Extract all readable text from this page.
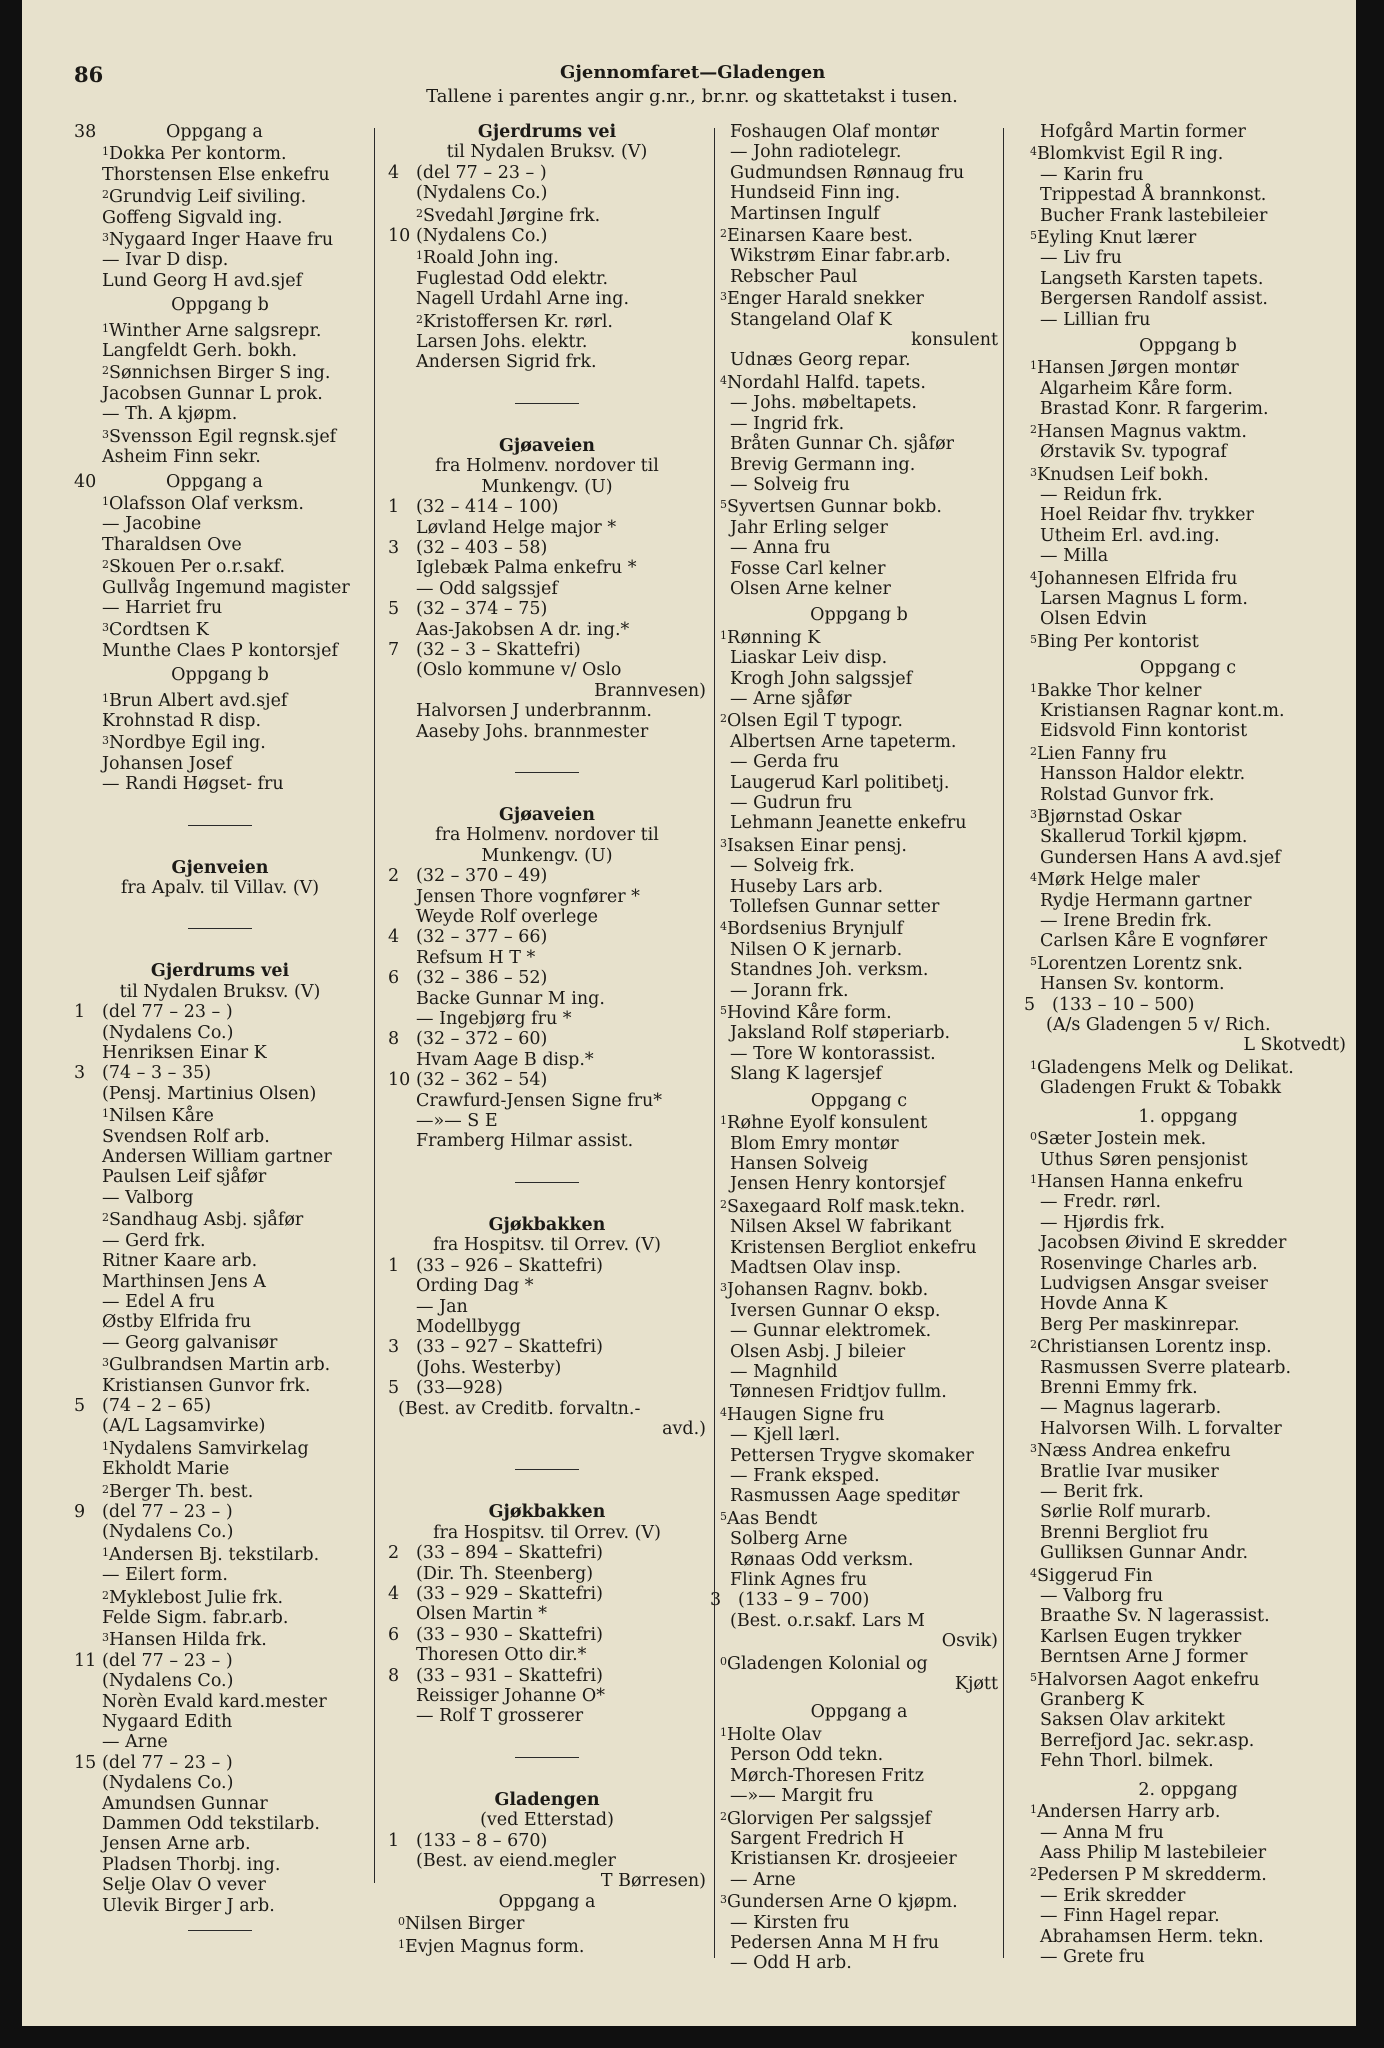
86	Gjennomfaret—Gladengen
Tallene i parentes angir g.nr., br.nr. og skattetakst i tusen.
38	Oppgang a
$^1$Dokka Per kontorm.
Thorstensen Else enkefru
$^2$Grundvig Leif siviling.
Goffeng Sigvald ing.
$^3$Nygaard Inger Haave fru
— Ivar D disp.
Lund Georg H avd.sjef
Oppgang b
$^1$Winther Arne salgsrepr.
Langfeldt Gerh. bokh.
$^2$Sønnichsen Birger S ing.
Jacobsen Gunnar L prok.
— Th. A kjøpm.
$^3$Svensson Egil regnsk.sjef
Asheim Finn sekr.
40	Oppgang a
$^1$Olafsson Olaf verksm.
— Jacobine
Tharaldsen Ove
$^2$Skouen Per o.r.sakf.
Gullvåg Ingemund magister
— Harriet fru
$^3$Cordtsen K
Munthe Claes P kontorsjef
Oppgang b
$^1$Brun Albert avd.sjef
Krohnstad R disp.
$^3$Nordbye Egil ing.
Johansen Josef
— Randi Høgset- fru
Gjenveien
fra Apalv. til Villav. (V)
Gjerdrums vei
til Nydalen Bruksv. (V)
1 (del 77 – 23 – )
(Nydalens Co.)
Henriksen Einar K
3 (74 – 3 – 35)
(Pensj. Martinius Olsen)
$^1$Nilsen Kåre
Svendsen Rolf arb.
Andersen William gartner
Paulsen Leif sjåfør
— Valborg
$^2$Sandhaug Asbj. sjåfør
— Gerd frk.
Ritner Kaare arb.
Marthinsen Jens A
— Edel A fru
Østby Elfrida fru
— Georg galvanisør
$^3$Gulbrandsen Martin arb.
Kristiansen Gunvor frk.
5 (74 – 2 – 65)
(A/L Lagsamvirke)
$^1$Nydalens Samvirkelag
Ekholdt Marie
$^2$Berger Th. best.
9 (del 77 – 23 – )
(Nydalens Co.)
$^1$Andersen Bj. tekstilarb.
— Eilert form.
$^2$Myklebost Julie frk.
Felde Sigm. fabr.arb.
$^3$Hansen Hilda frk.
11 (del 77 – 23 – )
(Nydalens Co.)
Norèn Evald kard.mester
Nygaard Edith
— Arne
15 (del 77 – 23 – )
(Nydalens Co.)
Amundsen Gunnar
Dammen Odd tekstilarb.
Jensen Arne arb.
Pladsen Thorbj. ing.
Selje Olav O vever
Ulevik Birger J arb.
Gjerdrums vei
til Nydalen Bruksv. (V)
4 (del 77 – 23 – )
(Nydalens Co.)
$^2$Svedahl Jørgine frk.
10 (Nydalens Co.)
$^1$Roald John ing.
Fuglestad Odd elektr.
Nagell Urdahl Arne ing.
$^2$Kristoffersen Kr. rørl.
Larsen Johs. elektr.
Andersen Sigrid frk.
Gjøaveien
fra Holmenv. nordover til
Munkengv. (U)
1 (32 – 414 – 100)
Løvland Helge major *
3 (32 – 403 – 58)
Iglebæk Palma enkefru *
— Odd salgssjef
5 (32 – 374 – 75)
Aas-Jakobsen A dr. ing.*
7 (32 – 3 – Skattefri)
(Oslo kommune v/ Oslo
Brannvesen)
Halvorsen J underbrannm.
Aaseby Johs. brannmester
Gjøaveien
fra Holmenv. nordover til
Munkengv. (U)
2 (32 – 370 – 49)
Jensen Thore vognfører *
Weyde Rolf overlege
4 (32 – 377 – 66)
Refsum H T *
6 (32 – 386 – 52)
Backe Gunnar M ing.
— Ingebjørg fru *
8 (32 – 372 – 60)
Hvam Aage B disp.*
10 (32 – 362 – 54)
Crawfurd-Jensen Signe fru*
—»— S E
Framberg Hilmar assist.
Gjøkbakken
fra Hospitsv. til Orrev. (V)
1 (33 – 926 – Skattefri)
Ording Dag *
— Jan
Modellbygg
3 (33 – 927 – Skattefri)
(Johs. Westerby)
5 (33—928)
(Best. av Creditb. forvaltn.-
avd.)
Gjøkbakken
fra Hospitsv. til Orrev. (V)
2 (33 – 894 – Skattefri)
(Dir. Th. Steenberg)
4 (33 – 929 – Skattefri)
Olsen Martin *
6 (33 – 930 – Skattefri)
Thoresen Otto dir.*
8 (33 – 931 – Skattefri)
Reissiger Johanne O*
— Rolf T grosserer
Gladengen
(ved Etterstad)
1 (133 – 8 – 670)
(Best. av eiend.megler
T Børresen)
Oppgang a
$^0$Nilsen Birger
$^1$Evjen Magnus form.
Foshaugen Olaf montør
— John radiotelegr.
Gudmundsen Rønnaug fru
Hundseid Finn ing.
Martinsen Ingulf
$^2$Einarsen Kaare best.
Wikstrøm Einar fabr.arb.
Rebscher Paul
$^3$Enger Harald snekker
Stangeland Olaf K
konsulent
Udnæs Georg repar.
$^4$Nordahl Halfd. tapets.
— Johs. møbeltapets.
— Ingrid frk.
Bråten Gunnar Ch. sjåfør
Brevig Germann ing.
— Solveig fru
$^5$Syvertsen Gunnar bokb.
Jahr Erling selger
— Anna fru
Fosse Carl kelner
Olsen Arne kelner
Oppgang b
$^1$Rønning K
Liaskar Leiv disp.
Krogh John salgssjef
— Arne sjåfør
$^2$Olsen Egil T typogr.
Albertsen Arne tapeterm.
— Gerda fru
Laugerud Karl politibetj.
— Gudrun fru
Lehmann Jeanette enkefru
$^3$Isaksen Einar pensj.
— Solveig frk.
Huseby Lars arb.
Tollefsen Gunnar setter
$^4$Bordsenius Brynjulf
Nilsen O K jernarb.
Standnes Joh. verksm.
— Jorann frk.
$^5$Hovind Kåre form.
Jaksland Rolf støperiarb.
— Tore W kontorassist.
Slang K lagersjef
Oppgang c
$^1$Røhne Eyolf konsulent
Blom Emry montør
Hansen Solveig
Jensen Henry kontorsjef
$^2$Saxegaard Rolf mask.tekn.
Nilsen Aksel W fabrikant
Kristensen Bergliot enkefru
Madtsen Olav insp.
$^3$Johansen Ragnv. bokb.
Iversen Gunnar O eksp.
— Gunnar elektromek.
Olsen Asbj. J bileier
— Magnhild
Tønnesen Fridtjov fullm.
$^4$Haugen Signe fru
— Kjell lærl.
Pettersen Trygve skomaker
— Frank eksped.
Rasmussen Aage speditør
$^5$Aas Bendt
Solberg Arne
Rønaas Odd verksm.
Flink Agnes fru
3 (133 – 9 – 700)
(Best. o.r.sakf. Lars M
Osvik)
$^0$Gladengen Kolonial og
Kjøtt
Oppgang a
$^1$Holte Olav
Person Odd tekn.
Mørch-Thoresen Fritz
—»— Margit fru
$^2$Glorvigen Per salgssjef
Sargent Fredrich H
Kristiansen Kr. drosjeeier
— Arne
$^3$Gundersen Arne O kjøpm.
— Kirsten fru
Pedersen Anna M H fru
— Odd H arb.
Hofgård Martin former
$^4$Blomkvist Egil R ing.
— Karin fru
Trippestad Å brannkonst.
Bucher Frank lastebileier
$^5$Eyling Knut lærer
— Liv fru
Langseth Karsten tapets.
Bergersen Randolf assist.
— Lillian fru
Oppgang b
$^1$Hansen Jørgen montør
Algarheim Kåre form.
Brastad Konr. R fargerim.
$^2$Hansen Magnus vaktm.
Ørstavik Sv. typograf
$^3$Knudsen Leif bokh.
— Reidun frk.
Hoel Reidar fhv. trykker
Utheim Erl. avd.ing.
— Milla
$^4$Johannesen Elfrida fru
Larsen Magnus L form.
Olsen Edvin
$^5$Bing Per kontorist
Oppgang c
$^1$Bakke Thor kelner
Kristiansen Ragnar kont.m.
Eidsvold Finn kontorist
$^2$Lien Fanny fru
Hansson Haldor elektr.
Rolstad Gunvor frk.
$^3$Bjørnstad Oskar
Skallerud Torkil kjøpm.
Gundersen Hans A avd.sjef
$^4$Mørk Helge maler
Rydje Hermann gartner
— Irene Bredin frk.
Carlsen Kåre E vognfører
$^5$Lorentzen Lorentz snk.
Hansen Sv. kontorm.
5 (133 – 10 – 500)
(A/s Gladengen 5 v/ Rich.
L Skotvedt)
$^1$Gladengens Melk og Delikat.
Gladengen Frukt & Tobakk
1. oppgang
$^0$Sæter Jostein mek.
Uthus Søren pensjonist
$^1$Hansen Hanna enkefru
— Fredr. rørl.
— Hjørdis frk.
Jacobsen Øivind E skredder
Rosenvinge Charles arb.
Ludvigsen Ansgar sveiser
Hovde Anna K
Berg Per maskinrepar.
$^2$Christiansen Lorentz insp.
Rasmussen Sverre platearb.
Brenni Emmy frk.
— Magnus lagerarb.
Halvorsen Wilh. L forvalter
$^3$Næss Andrea enkefru
Bratlie Ivar musiker
— Berit frk.
Sørlie Rolf murarb.
Brenni Bergliot fru
Gulliksen Gunnar Andr.
$^4$Siggerud Fin
— Valborg fru
Braathe Sv. N lagerassist.
Karlsen Eugen trykker
Berntsen Arne J former
$^5$Halvorsen Aagot enkefru
Granberg K
Saksen Olav arkitekt
Berrefjord Jac. sekr.asp.
Fehn Thorl. bilmek.
2. oppgang
$^1$Andersen Harry arb.
— Anna M fru
Aass Philip M lastebileier
$^2$Pedersen P M skredderm.
— Erik skredder
— Finn Hagel repar.
Abrahamsen Herm. tekn.
— Grete fru
